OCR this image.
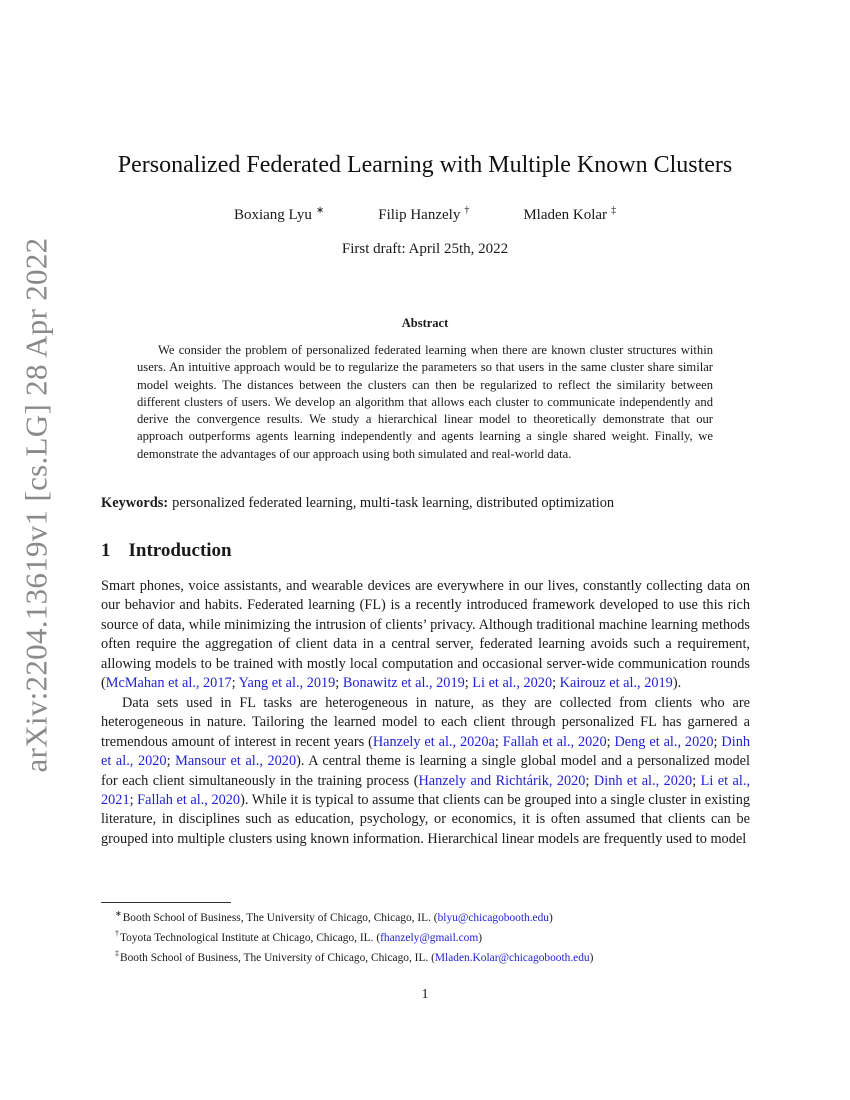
arXiv:2204.13619v1 [cs.LG] 28 Apr 2022
Personalized Federated Learning with Multiple Known Clusters
Boxiang Lyu ∗	Filip Hanzely †	Mladen Kolar ‡
First draft: April 25th, 2022
Abstract

We consider the problem of personalized federated learning when there are known cluster structures within users. An intuitive approach would be to regularize the parameters so that users in the same cluster share similar model weights. The distances between the clusters can then be regularized to reflect the similarity between different clusters of users. We develop an algorithm that allows each cluster to communicate independently and derive the convergence results. We study a hierarchical linear model to theoretically demonstrate that our approach outperforms agents learning independently and agents learning a single shared weight. Finally, we demonstrate the advantages of our approach using both simulated and real-world data.

Keywords: personalized federated learning, multi-task learning, distributed optimization
1 Introduction

Smart phones, voice assistants, and wearable devices are everywhere in our lives, constantly collecting data on our behavior and habits. Federated learning (FL) is a recently introduced framework developed to use this rich source of data, while minimizing the intrusion of clients’ privacy. Although traditional machine learning methods often require the aggregation of client data in a central server, federated learning avoids such a requirement, allowing models to be trained with mostly local computation and occasional server-wide communication rounds (McMahan et al., 2017; Yang et al., 2019; Bonawitz et al., 2019; Li et al., 2020; Kairouz et al., 2019).

Data sets used in FL tasks are heterogeneous in nature, as they are collected from clients who are heterogeneous in nature. Tailoring the learned model to each client through personalized FL has garnered a tremendous amount of interest in recent years (Hanzely et al., 2020a; Fallah et al., 2020; Deng et al., 2020; Dinh et al., 2020; Mansour et al., 2020). A central theme is learning a single global model and a personalized model for each client simultaneously in the training process (Hanzely and Richtárik, 2020; Dinh et al., 2020; Li et al., 2021; Fallah et al., 2020). While it is typical to assume that clients can be grouped into a single cluster in existing literature, in disciplines such as education, psychology, or economics, it is often assumed that clients can be grouped into multiple clusters using known information. Hierarchical linear models are frequently used to model

∗Booth School of Business, The University of Chicago, Chicago, IL. (blyu@chicagobooth.edu)
†Toyota Technological Institute at Chicago, Chicago, IL. (fhanzely@gmail.com)
‡Booth School of Business, The University of Chicago, Chicago, IL. (Mladen.Kolar@chicagobooth.edu)
1
